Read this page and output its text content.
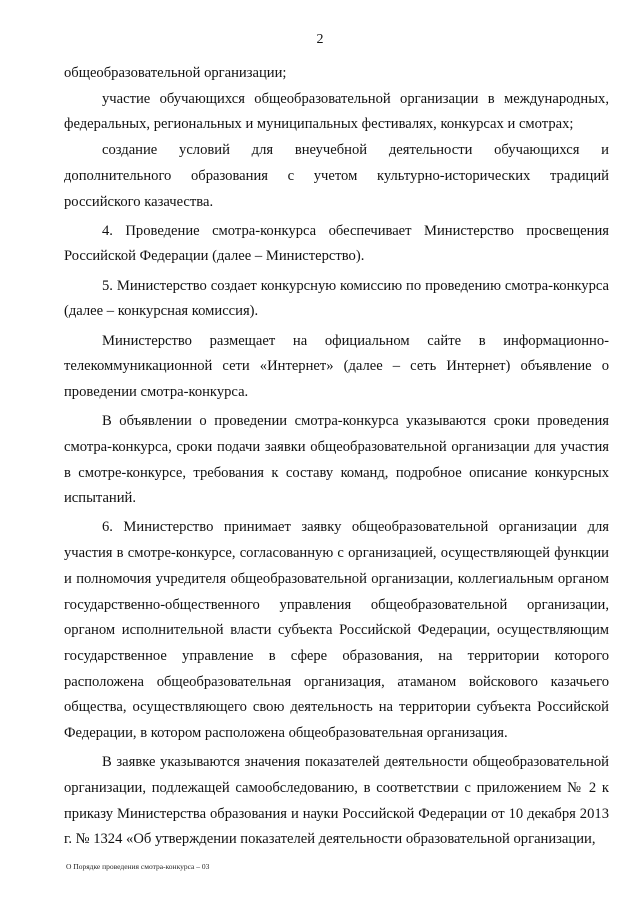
2

общеобразовательной организации;

участие обучающихся общеобразовательной организации в международных, федеральных, региональных и муниципальных фестивалях, конкурсах и смотрах;

создание условий для внеучебной деятельности обучающихся и дополнительного образования с учетом культурно-исторических традиций российского казачества.

4. Проведение смотра-конкурса обеспечивает Министерство просвещения Российской Федерации (далее – Министерство).

5. Министерство создает конкурсную комиссию по проведению смотра-конкурса (далее – конкурсная комиссия).

Министерство размещает на официальном сайте в информационно-телекоммуникационной сети «Интернет» (далее – сеть Интернет) объявление о проведении смотра-конкурса.

В объявлении о проведении смотра-конкурса указываются сроки проведения смотра-конкурса, сроки подачи заявки общеобразовательной организации для участия в смотре-конкурсе, требования к составу команд, подробное описание конкурсных испытаний.

6. Министерство принимает заявку общеобразовательной организации для участия в смотре-конкурсе, согласованную с организацией, осуществляющей функции и полномочия учредителя общеобразовательной организации, коллегиальным органом государственно-общественного управления общеобразовательной организации, органом исполнительной власти субъекта Российской Федерации, осуществляющим государственное управление в сфере образования, на территории которого расположена общеобразовательная организация, атаманом войскового казачьего общества, осуществляющего свою деятельность на территории субъекта Российской Федерации, в котором расположена общеобразовательная организация.

В заявке указываются значения показателей деятельности общеобразовательной организации, подлежащей самообследованию, в соответствии с приложением № 2 к приказу Министерства образования и науки Российской Федерации от 10 декабря 2013 г. № 1324 «Об утверждении показателей деятельности образовательной организации,

О Порядке проведения смотра-конкурса – 03
